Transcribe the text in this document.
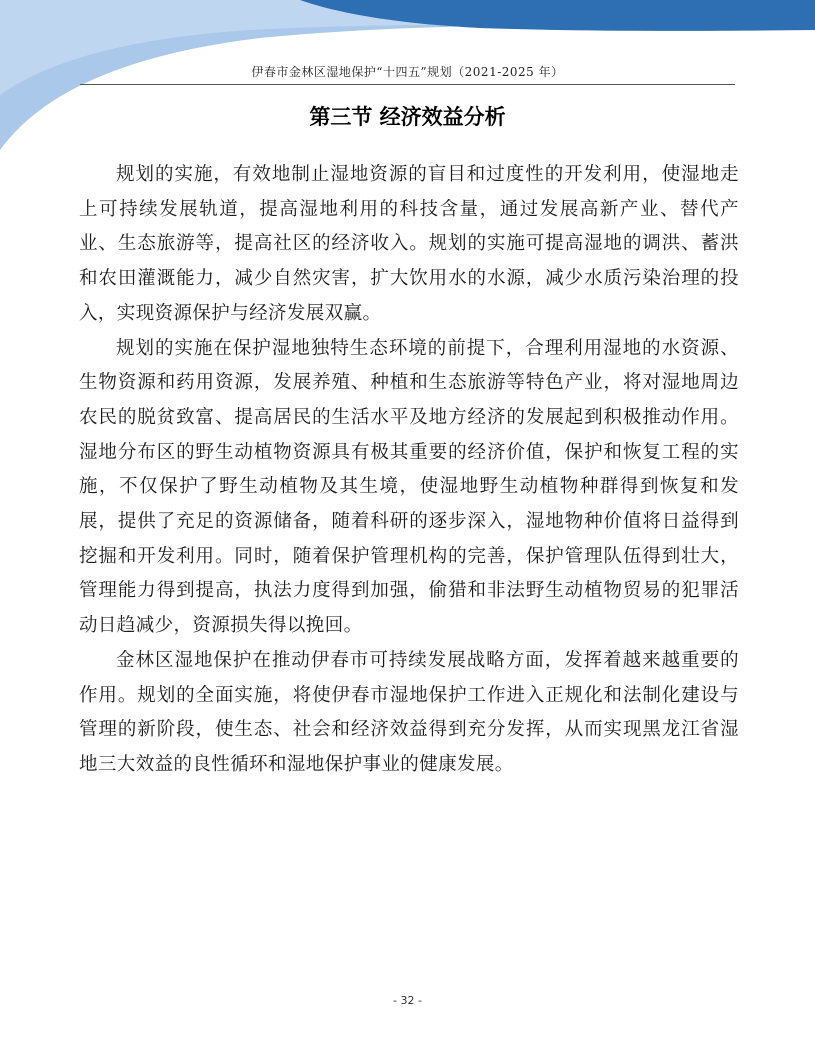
伊春市金林区湿地保护“十四五”规划（2021-2025 年）
第三节 经济效益分析

规划的实施，有效地制止湿地资源的盲目和过度性的开发利用，使湿地走上可持续发展轨道，提高湿地利用的科技含量，通过发展高新产业、替代产业、生态旅游等，提高社区的经济收入。规划的实施可提高湿地的调洪、蓄洪和农田灌溉能力，减少自然灾害，扩大饮用水的水源，减少水质污染治理的投入，实现资源保护与经济发展双赢。

规划的实施在保护湿地独特生态环境的前提下，合理利用湿地的水资源、生物资源和药用资源，发展养殖、种植和生态旅游等特色产业，将对湿地周边农民的脱贫致富、提高居民的生活水平及地方经济的发展起到积极推动作用。湿地分布区的野生动植物资源具有极其重要的经济价值，保护和恢复工程的实施，不仅保护了野生动植物及其生境，使湿地野生动植物种群得到恢复和发展，提供了充足的资源储备，随着科研的逐步深入，湿地物种价值将日益得到挖掘和开发利用。同时，随着保护管理机构的完善，保护管理队伍得到壮大，管理能力得到提高，执法力度得到加强，偷猎和非法野生动植物贸易的犯罪活动日趋减少，资源损失得以挽回。

金林区湿地保护在推动伊春市可持续发展战略方面，发挥着越来越重要的作用。规划的全面实施，将使伊春市湿地保护工作进入正规化和法制化建设与管理的新阶段，使生态、社会和经济效益得到充分发挥，从而实现黑龙江省湿地三大效益的良性循环和湿地保护事业的健康发展。

- 32 -
